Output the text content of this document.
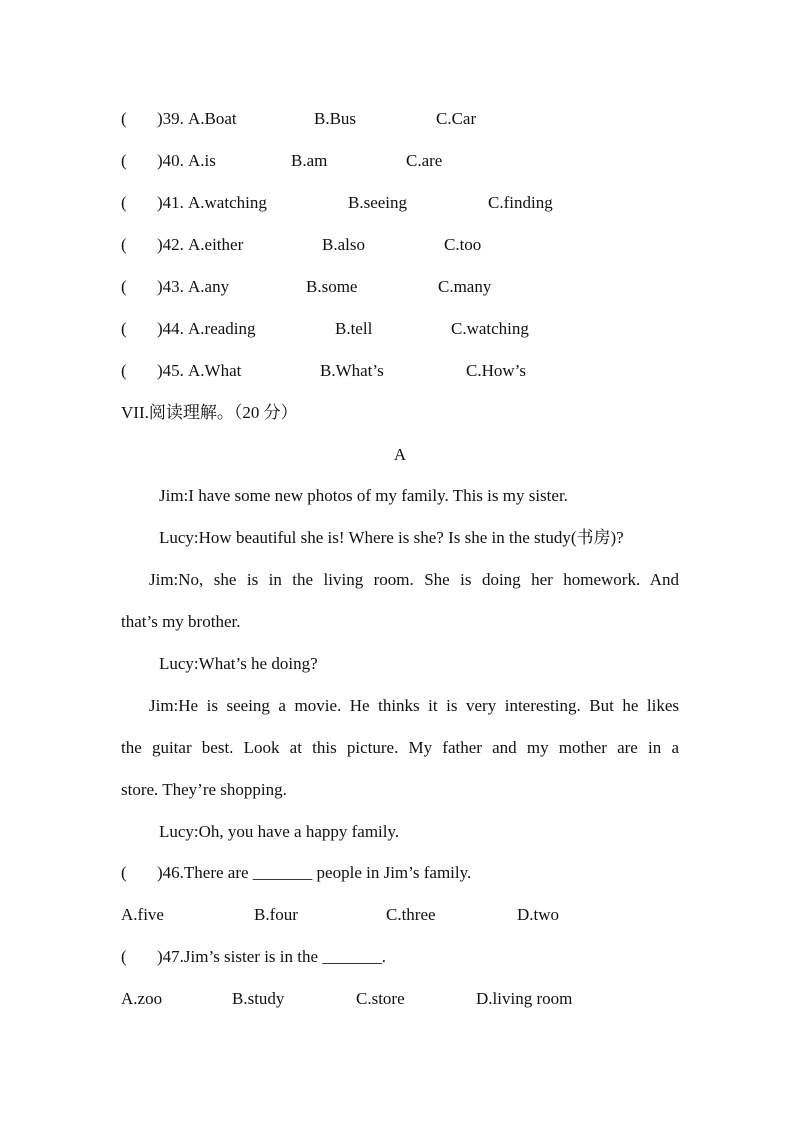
( )39. A.Boat	B.Bus	C.Car
( )40. A.is	B.am	C.are
( )41. A.watching	B.seeing	C.finding
( )42. A.either	B.also	C.too
( )43. A.any	B.some	C.many
( )44. A.reading	B.tell	C.watching
( )45. A.What	B.What’s	C.How’s
VII.阅读理解。（20 分）
A
Jim:I have some new photos of my family. This is my sister.
Lucy:How beautiful she is! Where is she? Is she in the study(书房)?
Jim:No, she is in the living room. She is doing her homework. And
that’s my brother.
Lucy:What’s he doing?
Jim:He is seeing a movie. He thinks it is very interesting. But he likes
the guitar best. Look at this picture. My father and my mother are in a
store. They’re shopping.
Lucy:Oh, you have a happy family.
( )46.There are _______ people in Jim’s family.
A.five	B.four	C.three	D.two
( )47.Jim’s sister is in the _______.
A.zoo	B.study	C.store	D.living room
